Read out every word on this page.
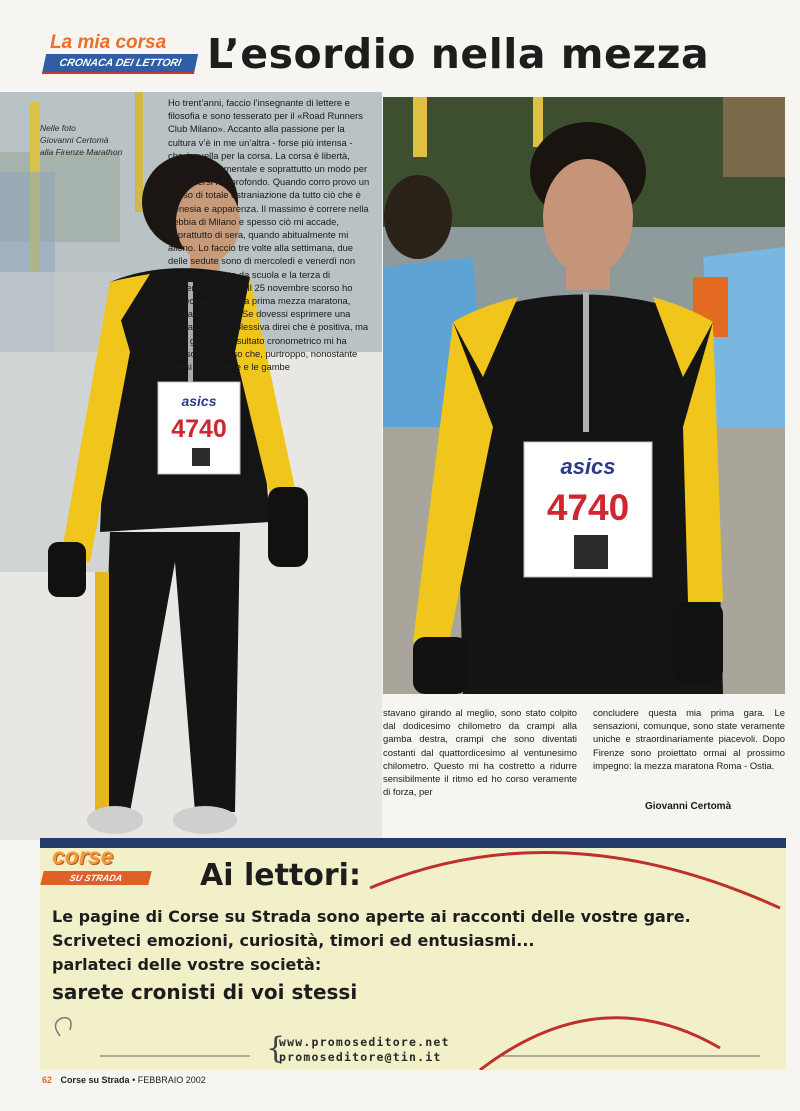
La mia corsa
CRONACA DEI LETTORI L’esordio nella mezza
asics
4740
Nelle foto
Giovanni Certomà
alla Firenze Marathon
asics
4740

Ho trent’anni, faccio l’insegnante di lettere e filosofia e sono tesserato per il «Road Runners Club Milano». Accanto alla passione per la cultura v’è in me un’altra - forse più intensa - che è quella per la corsa. La corsa è libertà, rilassamento mentale e soprattutto un modo per conoscersi nel profondo. Quando corro provo un senso di totale estraniazione da tutto ciò che è frenesia e apparenza. Il massimo è correre nella nebbia di Milano e spesso ciò mi accade, soprattutto di sera, quando abitualmente mi alleno. Lo faccio tre volte alla settimana, due delle sedute sono di mercoledì e venerdì non appena rientrato da scuola e la terza di domenica mattina. Il 25 novembre scorso ho partecipato alla mia prima mezza maratona, quella di Firenze. Se dovessi esprimere una valutazione complessiva direi che è positiva, ma se si guarda al risultato cronometrico mi ha deluso. Nel senso che, purtroppo, nonostante stessi molto bene e le gambe

stavano girando al meglio, sono stato colpito dal dodicesimo chilometro da crampi alla gamba destra, crampi che sono diventati costanti dal quattordicesimo al ventunesimo chilometro. Questo mi ha costretto a ridurre sensibilmente il ritmo ed ho corso veramente di forza, per
concludere questa mia prima gara. Le sensazioni, comunque, sono state veramente uniche e straordinariamente piacevoli. Dopo Firenze sono proiettato ormai al prossimo impegno: la mezza maratona Roma - Ostia.
Giovanni Certomà
corse
SU STRADA	Ai lettori:
Le pagine di Corse su Strada sono aperte ai racconti delle vostre gare.
Scriveteci emozioni, curiosità, timori ed entusiasmi...
parlateci delle vostre società:
sarete cronisti di voi stessi
{
www.promoseditore.net
promoseditore@tin.it
62 Corse su Strada • FEBBRAIO 2002
